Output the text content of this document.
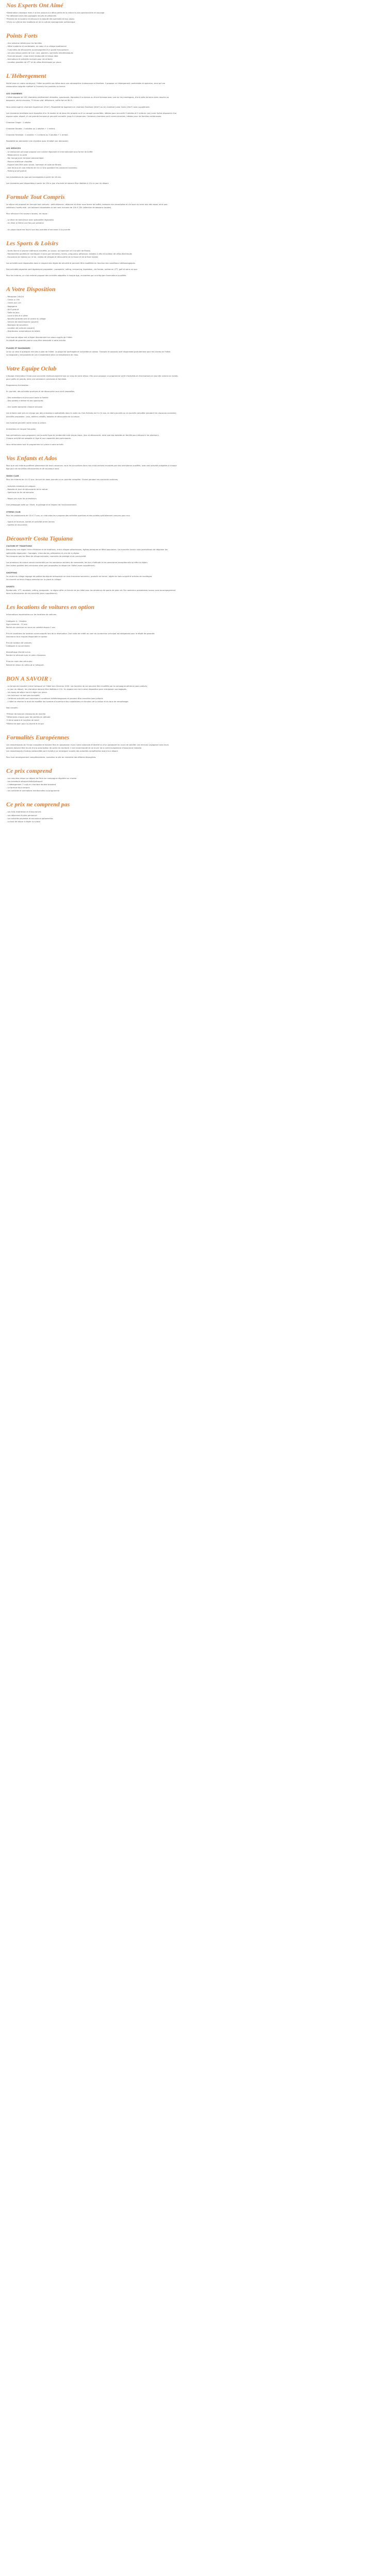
Nos Experts Ont Aimé
• Destination classique mais à la fois unique à la découverte de la nature la plus spectaculaire et sauvage
• Se détendre dans des paysages reculés et préservés
• Prendre de la hauteur et découvrir la beauté des sommets et lacs alpins
• Vivre au rythme des traditions et de la culture montagnarde authentique
Points Forts
- Une semaine idéale pour les familles
- Hôtel moderne et confortable, au cœur d'un village traditionnel
- 5 journées de découverte accompagnées d'un guide francophone
- Les plus beaux points de vue : lacs, glaciers, sommets emblématiques
- Formule souple : choix entre randonnée et temps libre
- Animations et activités incluses pour les enfants
- Location possible de VTT et de vélos électriques sur place
L'Hébergement

Niché dans un cadre verdoyant, l'hôtel accueille ses hôtes dans une atmosphère chaleureuse et familiale. Il propose un hébergement confortable et spacieux, ainsi qu'une

restauration soignée mettant à l'honneur les produits du terroir.

LES CHAMBRES

L'hôtel dispose de 142 chambres entièrement rénovées, spacieuses, équipées d'un balcon ou d'une terrasse avec vue sur les montagnes, d'une salle de bains avec douche ou

baignoire, sèche-cheveux, TV écran plat, téléphone, coffre-fort et Wi-Fi.

Vous serez logé en chambre Supérieure (25m²). Possibilité de logement en chambre Familiale (40m²) ou en chambre Junior Suite (45m²) avec supplément.

Les chambres familiales sont équipées d'un lit double et de deux lits simples ou d'un canapé convertible, idéales pour accueillir 2 adultes et 2 enfants. Les Junior Suites disposent d'un

espace salon séparé, d'une grande terrasse et peuvent accueillir jusqu'à 4 personnes. Certaines chambres sont communicantes, idéales pour les familles nombreuses.

Chambre Single : 1 adulte.

Chambre Double : 2 adultes ou 2 adultes + 1 enfant.

Chambre Familiale : 2 adultes + 2 enfants ou 3 adultes + 1 enfant.

Possibilité de demander une chambre avec lit bébé (sur demande).

LES SERVICES
- Le restaurant principal propose une cuisine régionale et internationale sous forme de buffet
- Restaurant à la carte
- Bar lounge avec terrasse panoramique
- Piscine intérieure chauffée
- Espace bien-être avec sauna, hammam et salle de fitness
- Aire de jeux et club enfants de 4 à 12 ans (pendant les vacances scolaires)
- Parking privé gratuit

Les installations du spa sont accessibles à partir de 16 ans.

Les chambres sont disponibles à partir de 15h le jour d'arrivée et doivent être libérées à 11h le jour du départ.

Formule Tout Compris

Le séjour est proposé en formule tout compris : petit-déjeuner, déjeuner et dîner sous forme de buffet, boissons non alcoolisées et vin local au verre lors des repas, ainsi que

collations l'après-midi. Les boissons alcoolisées au bar sont incluses de 10h à 23h (sélection de boissons locales).

Pour découvrir les saveurs locales, les repas :

- Le dîner de bienvenue avec spécialités régionales
- Un dîner à thème une fois par semaine
- Un pique-nique est fourni lors des journées d'excursion à la journée
Les Sports & Loisirs
- Accès libre à la piscine intérieure chauffée, au sauna, au hammam et à la salle de fitness
- Randonnées guidées en montagne (4 jours par semaine), tennis, ping-pong, pétanque, balades à vélo et location de vélos électriques
- Excursions en bateau sur le lac, visites de villages et découverte de la faune et de la flore locales

Les activités sont dispensées dans le respect des règles de sécurité et peuvent être modifiées en fonction des conditions météorologiques.

Des activités payantes sont également proposées : parapente, rafting, canyoning, équitation, via ferrata, sorties en VTT, golf et soins au spa.

Pour les enfants, un club enfants propose des activités adaptées à chaque âge, encadrées par une équipe d'animateurs qualifiés.

A Votre Disposition
- Réception 24h/24
- Check-in 15h
- Check-out 11h
- Bagagerie
- Wi-Fi gratuit
- Salle de jeux
- Local à skis et à vélos
- Navette gratuite vers le centre du village
- Service de blanchisserie (payant)
- Boutique de souvenirs
- Location de voitures (payant)
- Distributeur automatique de billets

Une taxe de séjour est à régler directement sur place auprès de l'hôtel.

Un dépôt de garantie pourra vous être demandé à votre arrivée.

PLAGES ET BAIGNADES

Le lac se situe à quelques minutes à pied de l'hôtel. La plage est aménagée et surveillée en saison. Transats et parasols sont disponibles gratuitement pour les clients de l'hôtel.

La baignade y est possible de juin à septembre selon la température de l'eau.

Votre Equipe Oclub

L'équipe d'animation Oclub vous accueille chaleureusement tout au long de votre séjour. Elle vous propose un programme varié d'activités et d'animations en journée comme en soirée,

pour petits et grands, dans une ambiance conviviale et familiale.

Programme d'animation :

En journée, des activités sportives et de découverte vous sont proposées.

- Des animations et jeux pour toute la famille
- Des soirées à thème et des spectacles
- Une soirée dansante chaque semaine

Les enfants sont pris en charge par des animateurs spécialisés dans le cadre du Club Enfants de 4 à 12 ans, en demi-journée ou en journée complète (pendant les vacances scolaires).

Activités proposées : jeux, ateliers créatifs, balades et découverte de la nature.

Les horaires peuvent varier selon la saison.

Animations en langue française.

Nos animateurs vous proposent une journée type de randonnée avec pique-nique, jeux et découverte, ainsi que des balades en famille pour découvrir les alentours.

Chaque activité est adaptée à l'âge et aux capacités des participants.

Vous retrouverez tout le programme sur place à votre arrivée.

Vos Enfants et Ados

Pour que vos enfants profitent pleinement de leurs vacances, nous les accueillons dans nos clubs enfants encadrés par des animateurs qualifiés, avec des activités adaptées à chaque

âge pour de nouvelles découvertes et de nouveaux amis.

OKIDS CLUB

Pour les enfants de 4 à 12 ans. Accueil en demi-journée ou en journée complète. Ouvert pendant les vacances scolaires.

- Activités créatives et ludiques
- Balades et jeux de découverte de la nature
- Spectacle de fin de semaine
- Repas pris avec les animateurs

Une pédagogie axée sur l'éveil, le partage et le respect de l'environnement.

OTEENS CLUB

Pour les adolescents de 13 à 17 ans, un club ados leur propose des activités sportives et des soirées spécialement conçues pour eux.

- Sports et tournois, sorties et activités entre jeunes
- Soirées et rencontres
Découvrir Costa Tiguiana
CULTURE ET TRADITIONS

Découvrez une région riche d'histoire et de traditions, entre villages pittoresques, églises baroques et fêtes populaires. Les marchés locaux vous permettront de déguster les

spécialités régionales : fromages, charcuteries, pâtisseries et vins de la région.

Ne manquez pas les fêtes de village estivales, moments de partage et de convivialité.

Les amateurs de nature seront enchantés par les nombreux sentiers de randonnée, les lacs d'altitude et les panoramas exceptionnels qu'offre la région.

Des visites guidées des principaux sites sont proposées au départ de l'hôtel (avec supplément).

SHOPPING

Le centre du village regorge de petites boutiques artisanales où vous trouverez souvenirs, produits du terroir, objets en bois sculpté et articles de montagne.

Un marché se tient chaque semaine sur la place du village.

SPORTS

Randonnée, VTT, escalade, rafting, parapente : la région offre un terrain de jeu idéal pour les amateurs de sports de plein air. De nombreux prestataires locaux vous accompagneront

dans la découverte de ces activités (avec supplément).

Les locations de voitures en option

Informations importantes sur les locations de voitures

Catégorie A : Citadine

Âge minimum : 21 ans

Permis de conduire en cours de validité depuis 2 ans

Prix et conditions de location communiqués lors de la réservation. Une carte de crédit au nom du conducteur principal est obligatoire pour le dépôt de garantie.

Assurance tous risques disponible en option.

Prix de location de voitures :

Catégorie A (ou similaire)

Kilométrage illimité inclus.

Rendre le véhicule avec le plein d'essence.

Prise en main des véhicules :

Retrait et retour du véhicule à l'aéroport.

BON A SAVOIR :
- Le temps de transfert entre l'aéroport et l'hôtel est d'environ 1h30. Les horaires de vol peuvent être modifiés par la compagnie aérienne sans préavis.
- Le jour du départ, les chambres doivent être libérées à 11h. Un espace est mis à votre disposition pour entreposer vos bagages.
- Les taxes de séjour sont à régler sur place.
- Les animaux ne sont pas acceptés.
- Certaines activités sont soumises à conditions météorologiques et peuvent être annulées sans préavis.
- L'hôtel se réserve le droit de modifier les horaires d'ouverture des installations en fonction de la saison et du taux de remplissage.

Nos conseils :

• Prévoir de bonnes chaussures de marche
• Vêtements chauds pour les soirées en altitude
• Crème solaire et lunettes de soleil
• Maillot de bain pour la piscine et le spa
Formalités Européennes

Les ressortissants de l'Union européenne doivent être en possession d'une carte nationale d'identité ou d'un passeport en cours de validité. Les mineurs voyageant sans leurs

parents doivent être munis d'une autorisation de sortie du territoire. Il est recommandé de se munir de la carte européenne d'assurance maladie.

Les ressortissants d'autres nationalités sont invités à se renseigner auprès des autorités compétentes avant leur départ.

Pour tout renseignement complémentaire, consultez le site du ministère des Affaires étrangères.

Ce prix comprend
- Les vols aller-retour au départ de Paris sur compagnie régulière ou charter
- Les transferts aéroport/hôtel/aéroport
- L'hébergement 7 nuits en chambre double standard
- La formule tout compris
- Les activités et animations mentionnées au programme
Ce prix ne comprend pas
- Les frais d'adhésion et d'assurances
- Les dépenses d'ordre personnel
- Les activités payantes et excursions optionnelles
- La taxe de séjour à régler sur place
